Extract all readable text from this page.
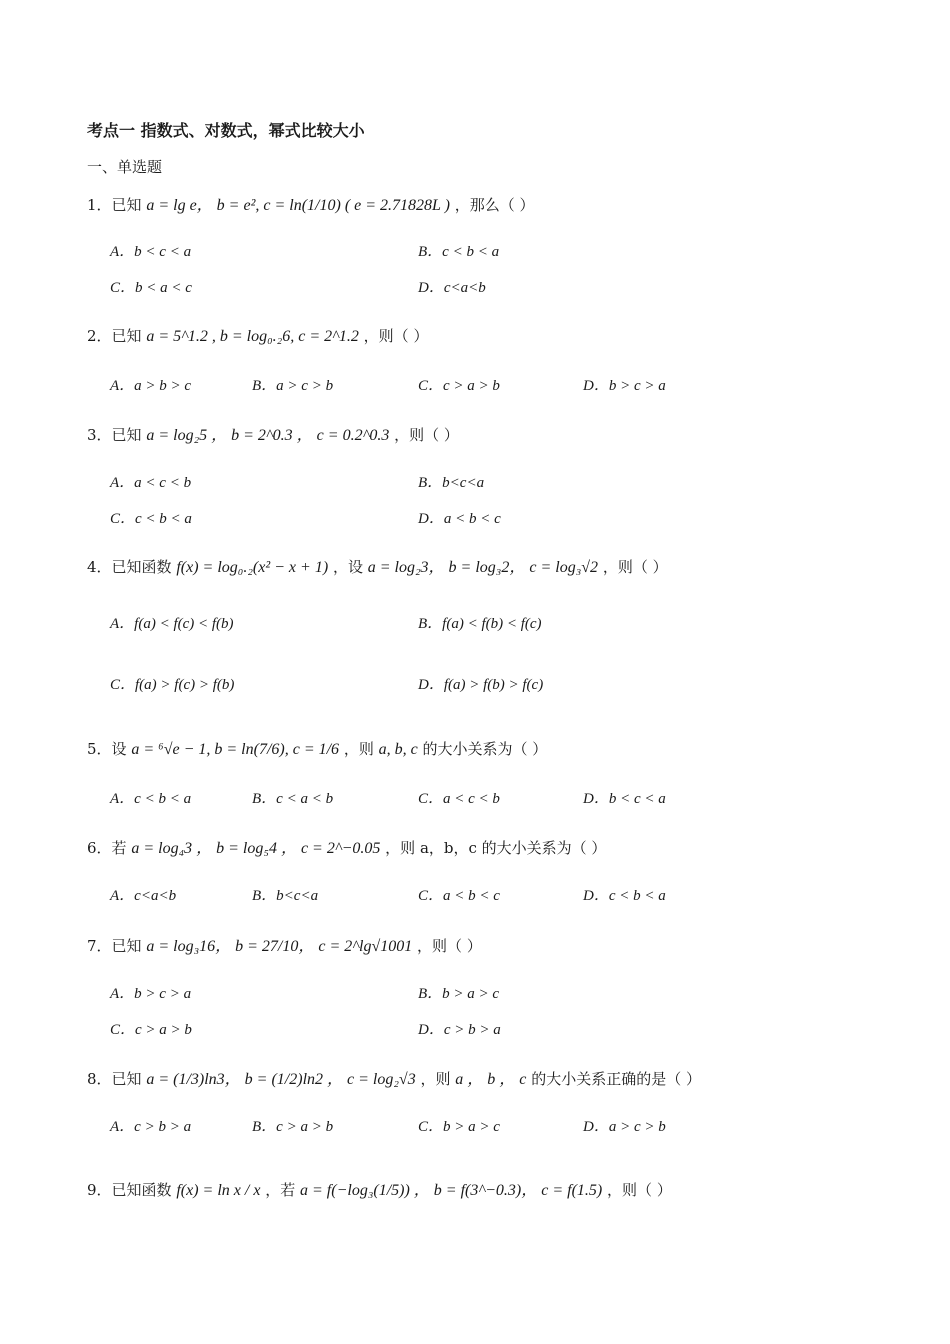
考点一 指数式、对数式，幂式比较大小
一、单选题
1．已知 a = lg e， b = e², c = ln(1/10) ( e = 2.71828L ) ，那么（ ）
A．b < c < a	B．c < b < a
C．b < a < c	D．c<a<b
2．已知 a = 5^1.2 , b = log₀.₂6, c = 2^1.2 ，则（ ）
A．a > b > c	B．a > c > b	C．c > a > b	D．b > c > a
3．已知 a = log₂5 ， b = 2^0.3 ， c = 0.2^0.3 ，则（ ）
A．a < c < b	B．b<c<a
C．c < b < a	D．a < b < c
4．已知函数 f(x) = log₀.₂(x² − x + 1) ，设 a = log₂3， b = log₃2， c = log₃√2 ，则（ ）
A．f(a) < f(c) < f(b)	B．f(a) < f(b) < f(c)
C．f(a) > f(c) > f(b)	D．f(a) > f(b) > f(c)
5．设 a = ⁶√e − 1, b = ln(7/6), c = 1/6 ，则 a, b, c 的大小关系为（ ）
A．c < b < a	B．c < a < b	C．a < c < b	D．b < c < a
6．若 a = log₄3 ， b = log₅4 ， c = 2^−0.05 ，则 a，b，c 的大小关系为（ ）
A．c<a<b	B．b<c<a	C．a < b < c	D．c < b < a
7．已知 a = log₃16， b = 27/10， c = 2^lg√1001 ，则（ ）
A．b > c > a	B．b > a > c
C．c > a > b	D．c > b > a
8．已知 a = (1/3)ln3， b = (1/2)ln2 ， c = log₂√3 ，则 a ， b ， c 的大小关系正确的是（ ）
A．c > b > a	B．c > a > b	C．b > a > c	D．a > c > b
9．已知函数 f(x) = ln x / x ，若 a = f(−log₃(1/5)) ， b = f(3^−0.3)， c = f(1.5) ，则（ ）
